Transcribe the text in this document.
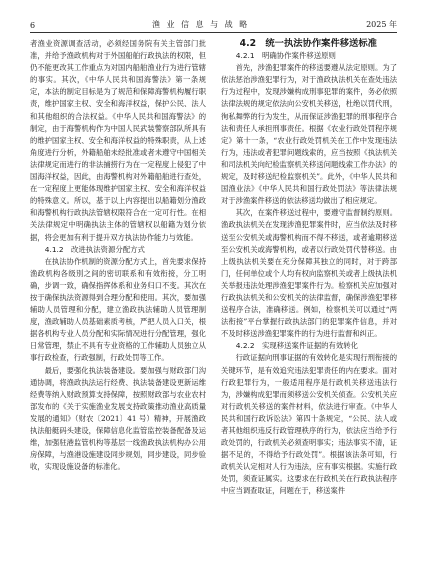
6	渔 业 信 息 与 战 略	2025 年

者渔业资源调查活动，必须经国务院有关主管部门批准，并给予渔政机构对于外国船舶行政执法的权限，但仍不能更改其工作重点为对国内船舶渔业行为进行管辖的事实。其次，《中华人民共和国海警法》第一条规定，本法的制定目标是为了规范和保障海警机构履行职责，维护国家主权、安全和海洋权益，保护公民、法人和其他组织的合法权益。《中华人民共和国海警法》的制定，由于海警机构作为中国人民武装警察部队所具有的维护国家主权、安全和海洋权益的特殊职责，从上述角度进行分析，外籍船舶未经批准或者未遵守中国相关法律规定而进行的非法捕捞行为在一定程度上侵犯了中国海洋权益，因此，由海警机构对外籍船舶进行查处，在一定程度上更能体现维护国家主权、安全和海洋权益的特殊意义。所以，基于以上内容提出以船籍划分渔政和海警机构行政执法管辖权限符合在一定可行性。在相关法律规定中明确执法主体的管辖权以船籍为划分依据，将会更加有利于提升双方执法协作能力与效能。

4.1.2　改进执法资源分配方式

在执法协作机制的资源分配方式上，首先要求保持渔政机构各级別之间的密切联系和有效衔接，分工明确，步调一致，确保指挥体系和业务归口不变。其次在按于确保执法资源得到合理分配和使用。其次，要加强辅助人员管理和分配，建立渔政执法辅助人员管理制度，渔政辅助人员基础素质考核，严把人员入口关，根据各机构专业人员分配和实际情况进行分配管理，强化日常管理，禁止不具有专业资格的工作辅助人员独立从事行政检查，行政强制，行政处罚等工作。

最后，要强化执法装备建设。要加强与财政部门沟通协调，将渔政执法运行经费、执法装备建设更新运维经费等纳入财政预算支持保障，按照财政部与农业农村部发布的《关于实施渔业发展支持政策推动渔业高质量发展的通知》（财农〔2021〕41 号）精神，开展渔政执法船艇码头建设，保障信息化监管监控装备配备及运维，加强驻港监管机构等基层一线渔政执法机构办公用房保障，与渔港设施建设同步规划，同步建设，同步验收，实现设施设备的标准化。

4.2　统一执法协作案件移送标准

4.2.1　明确协作案件移送原则

首先，涉渔犯罪案件的移送要遵从法定原则。为了依法惩治涉渔犯罪行为，对于渔政执法机关在查处违法行为过程中，发现涉嫌构成刑事犯罪的案件，务必依照法律法规的规定依法向公安机关移送，杜绝以罚代刑，徇私舞弊的行为发生，从而保证涉渔犯罪的刑事程序合法和责任人承担刑事责任。根据《农业行政处罚程序规定》第十一条，“农业行政处罚机关在工作中发现违法行为，违法或者犯罪问题线索的，应当按照《执法机关和司法机关向纪检监察机关移送问题线索工作办法》的规定，及时移送纪检监察机关”。此外，《中华人民共和国渔业法》《中华人民共和国行政处罚法》等法律法规对于涉渔案件移送的依法移送均做出了相应规定。

其次，在案件移送过程中，要遵守监督制约原则。渔政执法机关在发现涉渔犯罪案件时，应当依法及时移送至公安机关或海警机构而不得不移送，或者逾期移送至公安机关或海警机构，或者以行政处罚代替移送。由上级执法机关要在充分保障其独立的同时，对于跨部门，任何单位或个人均有权向监察机关或者上级执法机关举报违法处理涉渔犯罪案件行为。检察机关应加强对行政执法机关和公安机关的法律监督，确保涉渔犯罪移送程序合法，准确移送。例如，检察机关可以通过“两法衔接”平台掌握行政执法部门的犯罪案件信息，并对不及时移送涉渔犯罪案件的行为进行监督和纠正。

4.2.2　实现移送案件证据的有效转化

行政证据向刑事证据的有效转化是实现行刑衔接的关键环节，是有效追究违法犯罪责任的内在要求。面对行政犯罪行为，一般适用程序是行政机关移送违法行为，涉嫌构成犯罪而须移送公安机关侦查。公安机关应对行政机关移送的案件材料，依法进行审查。《中华人民共和国行政诉讼法》第四十条规定，“公民、法人或者其他组织违反行政管理秩序的行为，依法应当给予行政处罚的，行政机关必须查明事实；违法事实不清，证据不足的，不得给予行政处罚”。根据该法条可知，行政机关认定相对人行为违法，应有事实根据。实施行政处罚，须查证属实。这要求在行政机关在行政执法程序中应当调查取证，问题在于，移送案件
